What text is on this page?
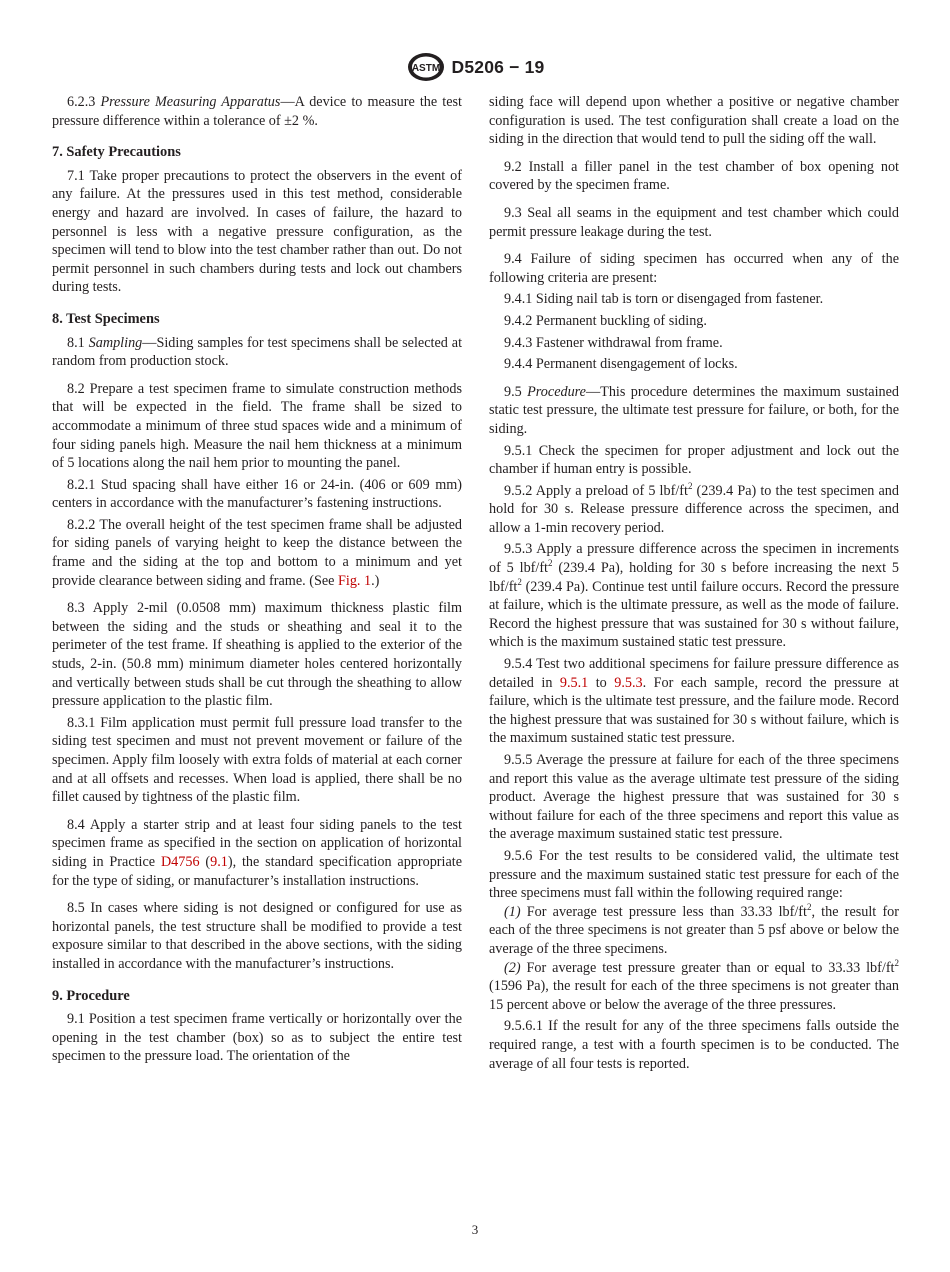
ASTM D5206 − 19

6.2.3 Pressure Measuring Apparatus—A device to measure the test pressure difference within a tolerance of ±2 %.

7. Safety Precautions

7.1 Take proper precautions to protect the observers in the event of any failure. At the pressures used in this test method, considerable energy and hazard are involved. In cases of failure, the hazard to personnel is less with a negative pressure configuration, as the specimen will tend to blow into the test chamber rather than out. Do not permit personnel in such chambers during tests and lock out chambers during tests.

8. Test Specimens

8.1 Sampling—Siding samples for test specimens shall be selected at random from production stock.

8.2 Prepare a test specimen frame to simulate construction methods that will be expected in the field. The frame shall be sized to accommodate a minimum of three stud spaces wide and a minimum of four siding panels high. Measure the nail hem thickness at a minimum of 5 locations along the nail hem prior to mounting the panel.

8.2.1 Stud spacing shall have either 16 or 24-in. (406 or 609 mm) centers in accordance with the manufacturer’s fastening instructions.

8.2.2 The overall height of the test specimen frame shall be adjusted for siding panels of varying height to keep the distance between the frame and the siding at the top and bottom to a minimum and yet provide clearance between siding and frame. (See Fig. 1.)

8.3 Apply 2-mil (0.0508 mm) maximum thickness plastic film between the siding and the studs or sheathing and seal it to the perimeter of the test frame. If sheathing is applied to the exterior of the studs, 2-in. (50.8 mm) minimum diameter holes centered horizontally and vertically between studs shall be cut through the sheathing to allow pressure application to the plastic film.

8.3.1 Film application must permit full pressure load transfer to the siding test specimen and must not prevent movement or failure of the specimen. Apply film loosely with extra folds of material at each corner and at all offsets and recesses. When load is applied, there shall be no fillet caused by tightness of the plastic film.

8.4 Apply a starter strip and at least four siding panels to the test specimen frame as specified in the section on application of horizontal siding in Practice D4756 (9.1), the standard specification appropriate for the type of siding, or manufacturer’s installation instructions.

8.5 In cases where siding is not designed or configured for use as horizontal panels, the test structure shall be modified to provide a test exposure similar to that described in the above sections, with the siding installed in accordance with the manufacturer’s instructions.

9. Procedure

9.1 Position a test specimen frame vertically or horizontally over the opening in the test chamber (box) so as to subject the entire test specimen to the pressure load. The orientation of the

siding face will depend upon whether a positive or negative chamber configuration is used. The test configuration shall create a load on the siding in the direction that would tend to pull the siding off the wall.

9.2 Install a filler panel in the test chamber of box opening not covered by the specimen frame.

9.3 Seal all seams in the equipment and test chamber which could permit pressure leakage during the test.

9.4 Failure of siding specimen has occurred when any of the following criteria are present:

9.4.1 Siding nail tab is torn or disengaged from fastener.

9.4.2 Permanent buckling of siding.

9.4.3 Fastener withdrawal from frame.

9.4.4 Permanent disengagement of locks.

9.5 Procedure—This procedure determines the maximum sustained static test pressure, the ultimate test pressure for failure, or both, for the siding.

9.5.1 Check the specimen for proper adjustment and lock out the chamber if human entry is possible.

9.5.2 Apply a preload of 5 lbf/$ft^2$ (239.4 Pa) to the test specimen and hold for 30 s. Release pressure difference across the specimen, and allow a 1-min recovery period.

9.5.3 Apply a pressure difference across the specimen in increments of 5 lbf/$ft^2$ (239.4 Pa), holding for 30 s before increasing the next 5 lbf/$ft^2$ (239.4 Pa). Continue test until failure occurs. Record the pressure at failure, which is the ultimate pressure, as well as the mode of failure. Record the highest pressure that was sustained for 30 s without failure, which is the maximum sustained static test pressure.

9.5.4 Test two additional specimens for failure pressure difference as detailed in 9.5.1 to 9.5.3. For each sample, record the pressure at failure, which is the ultimate test pressure, and the failure mode. Record the highest pressure that was sustained for 30 s without failure, which is the maximum sustained static test pressure.

9.5.5 Average the pressure at failure for each of the three specimens and report this value as the average ultimate test pressure of the siding product. Average the highest pressure that was sustained for 30 s without failure for each of the three specimens and report this value as the average maximum sustained static test pressure.

9.5.6 For the test results to be considered valid, the ultimate test pressure and the maximum sustained static test pressure for each of the three specimens must fall within the following required range:

(1) For average test pressure less than 33.33 lbf/$ft^2$, the result for each of the three specimens is not greater than 5 psf above or below the average of the three specimens.

(2) For average test pressure greater than or equal to 33.33 lbf/$ft^2$ (1596 Pa), the result for each of the three specimens is not greater than 15 percent above or below the average of the three pressures.

9.5.6.1 If the result for any of the three specimens falls outside the required range, a test with a fourth specimen is to be conducted. The average of all four tests is reported.

3
